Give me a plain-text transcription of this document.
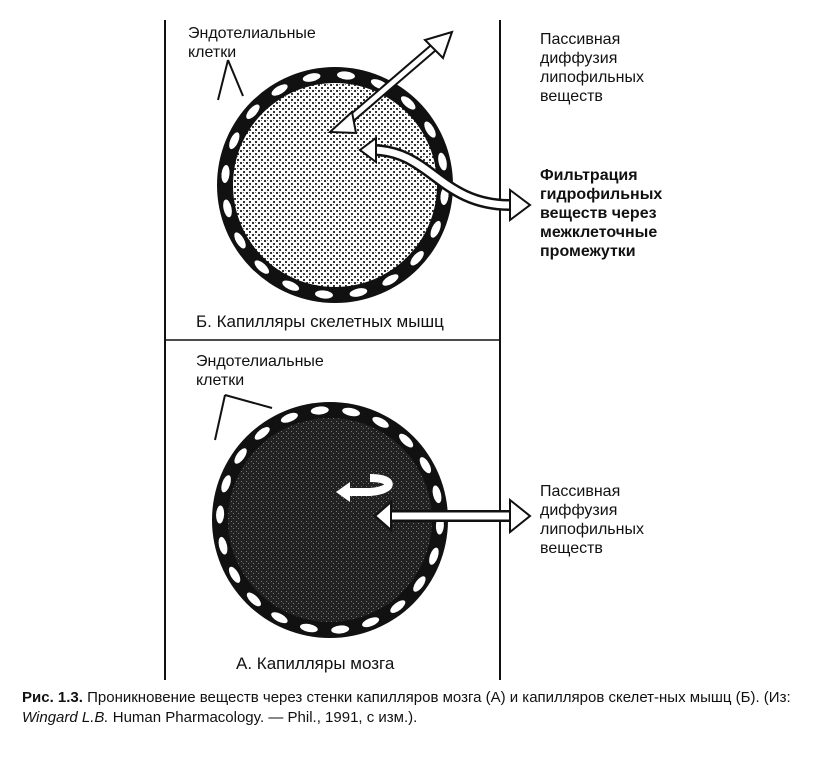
Эндотелиальные
клетки
Пассивная
диффузия
липофильных
веществ
Фильтрация
гидрофильных
веществ через
межклеточные
промежутки
Б. Капилляры скелетных мышц
Эндотелиальные
клетки
Пассивная
диффузия
липофильных
веществ
А. Капилляры мозга
Рис. 1.3. Проникновение веществ через стенки капилляров мозга (А) и капилляров скелет-ных мышц (Б). (Из: Wingard L.B. Human Pharmacology. — Phil., 1991, с изм.).
